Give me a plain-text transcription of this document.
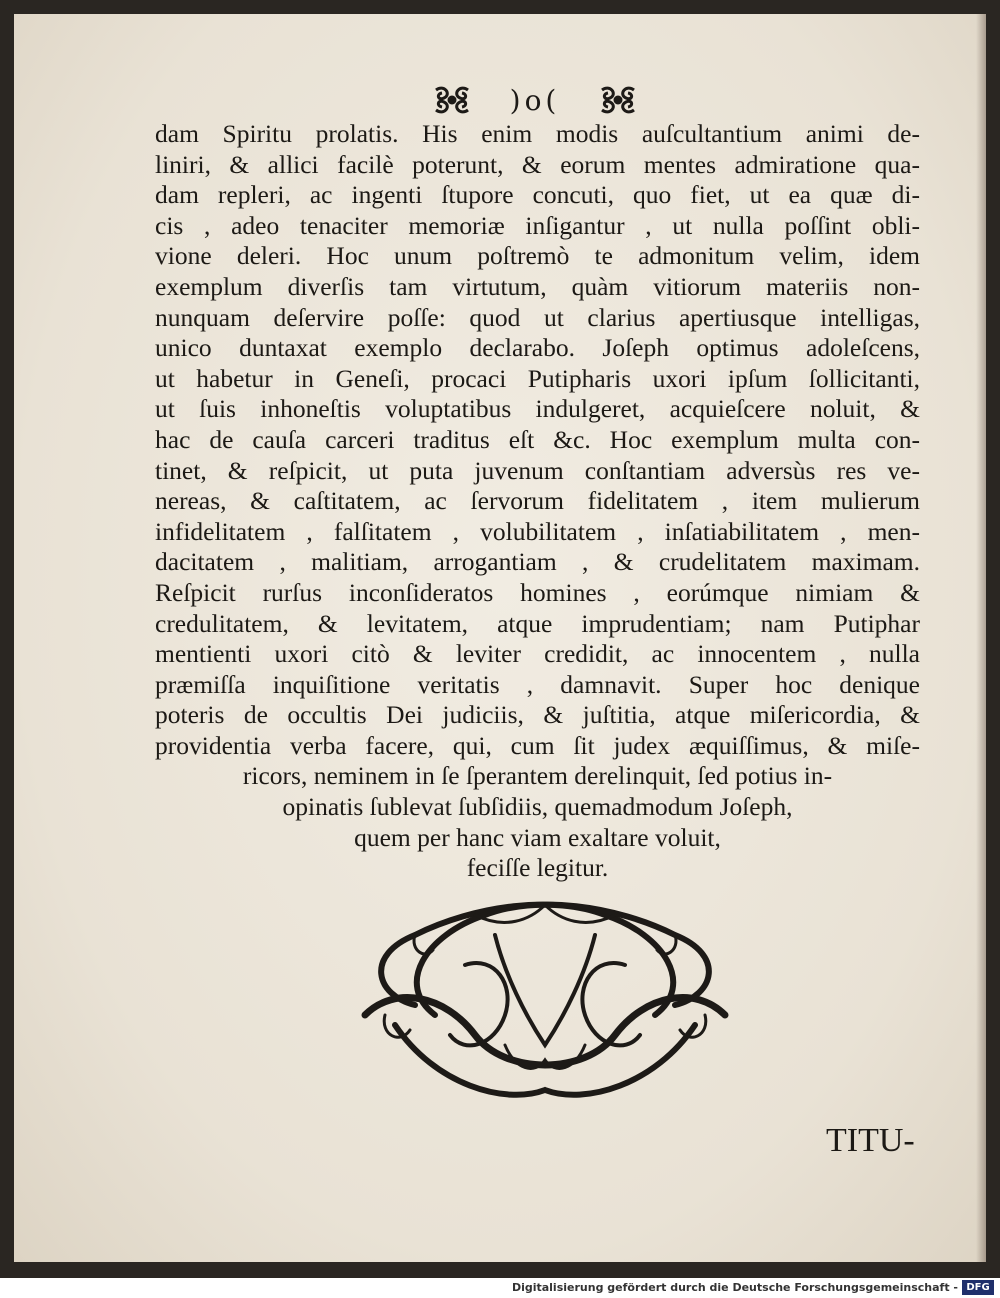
)o(
dam Spiritu prolatis. His enim modis auſcultantium animi de-
liniri, & allici facilè poterunt, & eorum mentes admiratione qua-
dam repleri, ac ingenti ſtupore concuti, quo fiet, ut ea quæ di-
cis , adeo tenaciter memoriæ inſigantur , ut nulla poſſint obli-
vione deleri. Hoc unum poſtremò te admonitum velim, idem
exemplum diverſis tam virtutum, quàm vitiorum materiis non-
nunquam deſervire poſſe: quod ut clarius apertiusque intelligas,
unico duntaxat exemplo declarabo. Joſeph optimus adoleſcens,
ut habetur in Geneſi, procaci Putipharis uxori ipſum ſollicitanti,
ut ſuis inhoneſtis voluptatibus indulgeret, acquieſcere noluit, &
hac de cauſa carceri traditus eſt &c. Hoc exemplum multa con-
tinet, & reſpicit, ut puta juvenum conſtantiam adversùs res ve-
nereas, & caſtitatem, ac ſervorum fidelitatem , item mulierum
infidelitatem , falſitatem , volubilitatem , inſatiabilitatem , men-
dacitatem , malitiam, arrogantiam , & crudelitatem maximam.
Reſpicit rurſus inconſideratos homines , eorúmque nimiam &
credulitatem, & levitatem, atque imprudentiam; nam Putiphar
mentienti uxori citò & leviter credidit, ac innocentem , nulla
præmiſſa inquiſitione veritatis , damnavit. Super hoc denique
poteris de occultis Dei judiciis, & juſtitia, atque miſericordia, &
providentia verba facere, qui, cum ſit judex æquiſſimus, & miſe-
ricors, neminem in ſe ſperantem derelinquit, ſed potius in-
opinatis ſublevat ſubſidiis, quemadmodum Joſeph,
quem per hanc viam exaltare voluit,
feciſſe legitur.
TITU-
Digitalisierung gefördert durch die Deutsche Forschungsgemeinschaft - DFG
